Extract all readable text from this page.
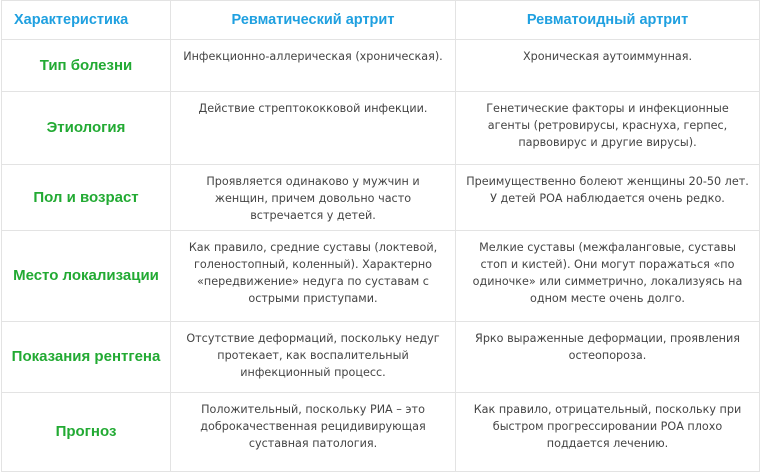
Характеристика	Ревматический артрит	Ревматоидный артрит
Тип болезни	Инфекционно-аллерическая (хроническая).	Хроническая аутоиммунная.
Этиология	Действие стрептококковой инфекции.	Генетические факторы и инфекционные агенты (ретровирусы, краснуха, герпес, парвовирус и другие вирусы).
Пол и возраст	Проявляется одинаково у мужчин и женщин, причем довольно часто встречается у детей.	Преимущественно болеют женщины 20-50 лет. У детей РОА наблюдается очень редко.
Место локализации	Как правило, средние суставы (локтевой, голеностопный, коленный). Характерно «передвижение» недуга по суставам с острыми приступами.	Мелкие суставы (межфаланговые, суставы стоп и кистей). Они могут поражаться «по одиночке» или симметрично, локализуясь на одном месте очень долго.
Показания рентгена	Отсутствие деформаций, поскольку недуг протекает, как воспалительный инфекционный процесс.	Ярко выраженные деформации, проявления остеопороза.
Прогноз	Положительный, поскольку РИА – это доброкачественная рецидивирующая суставная патология.	Как правило, отрицательный, поскольку при быстром прогрессировании РОА плохо поддается лечению.
